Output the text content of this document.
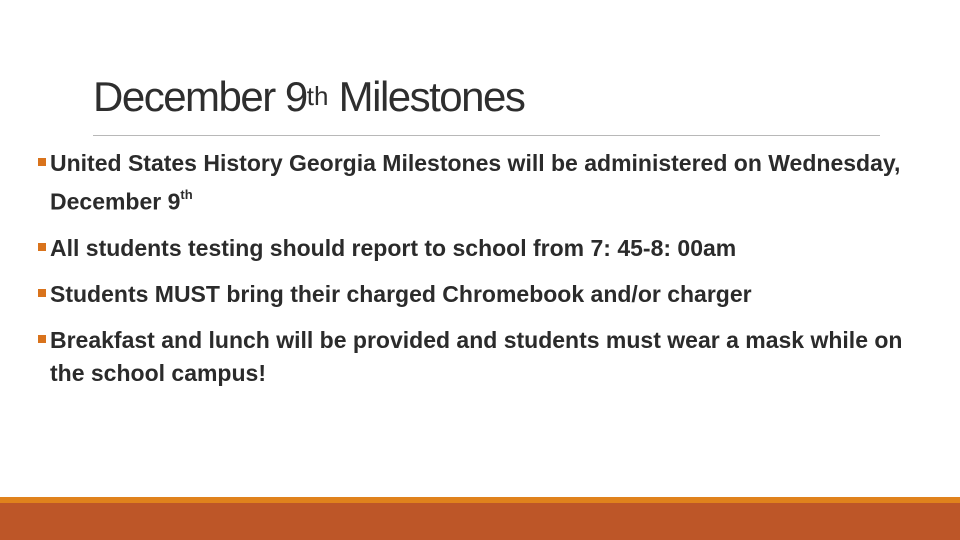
December 9th Milestones
United States History Georgia Milestones will be administered on Wednesday, December 9th
All students testing should report to school from 7: 45-8: 00am
Students MUST bring their charged Chromebook and/or charger
Breakfast and lunch will be provided and students must wear a mask while on the school campus!
